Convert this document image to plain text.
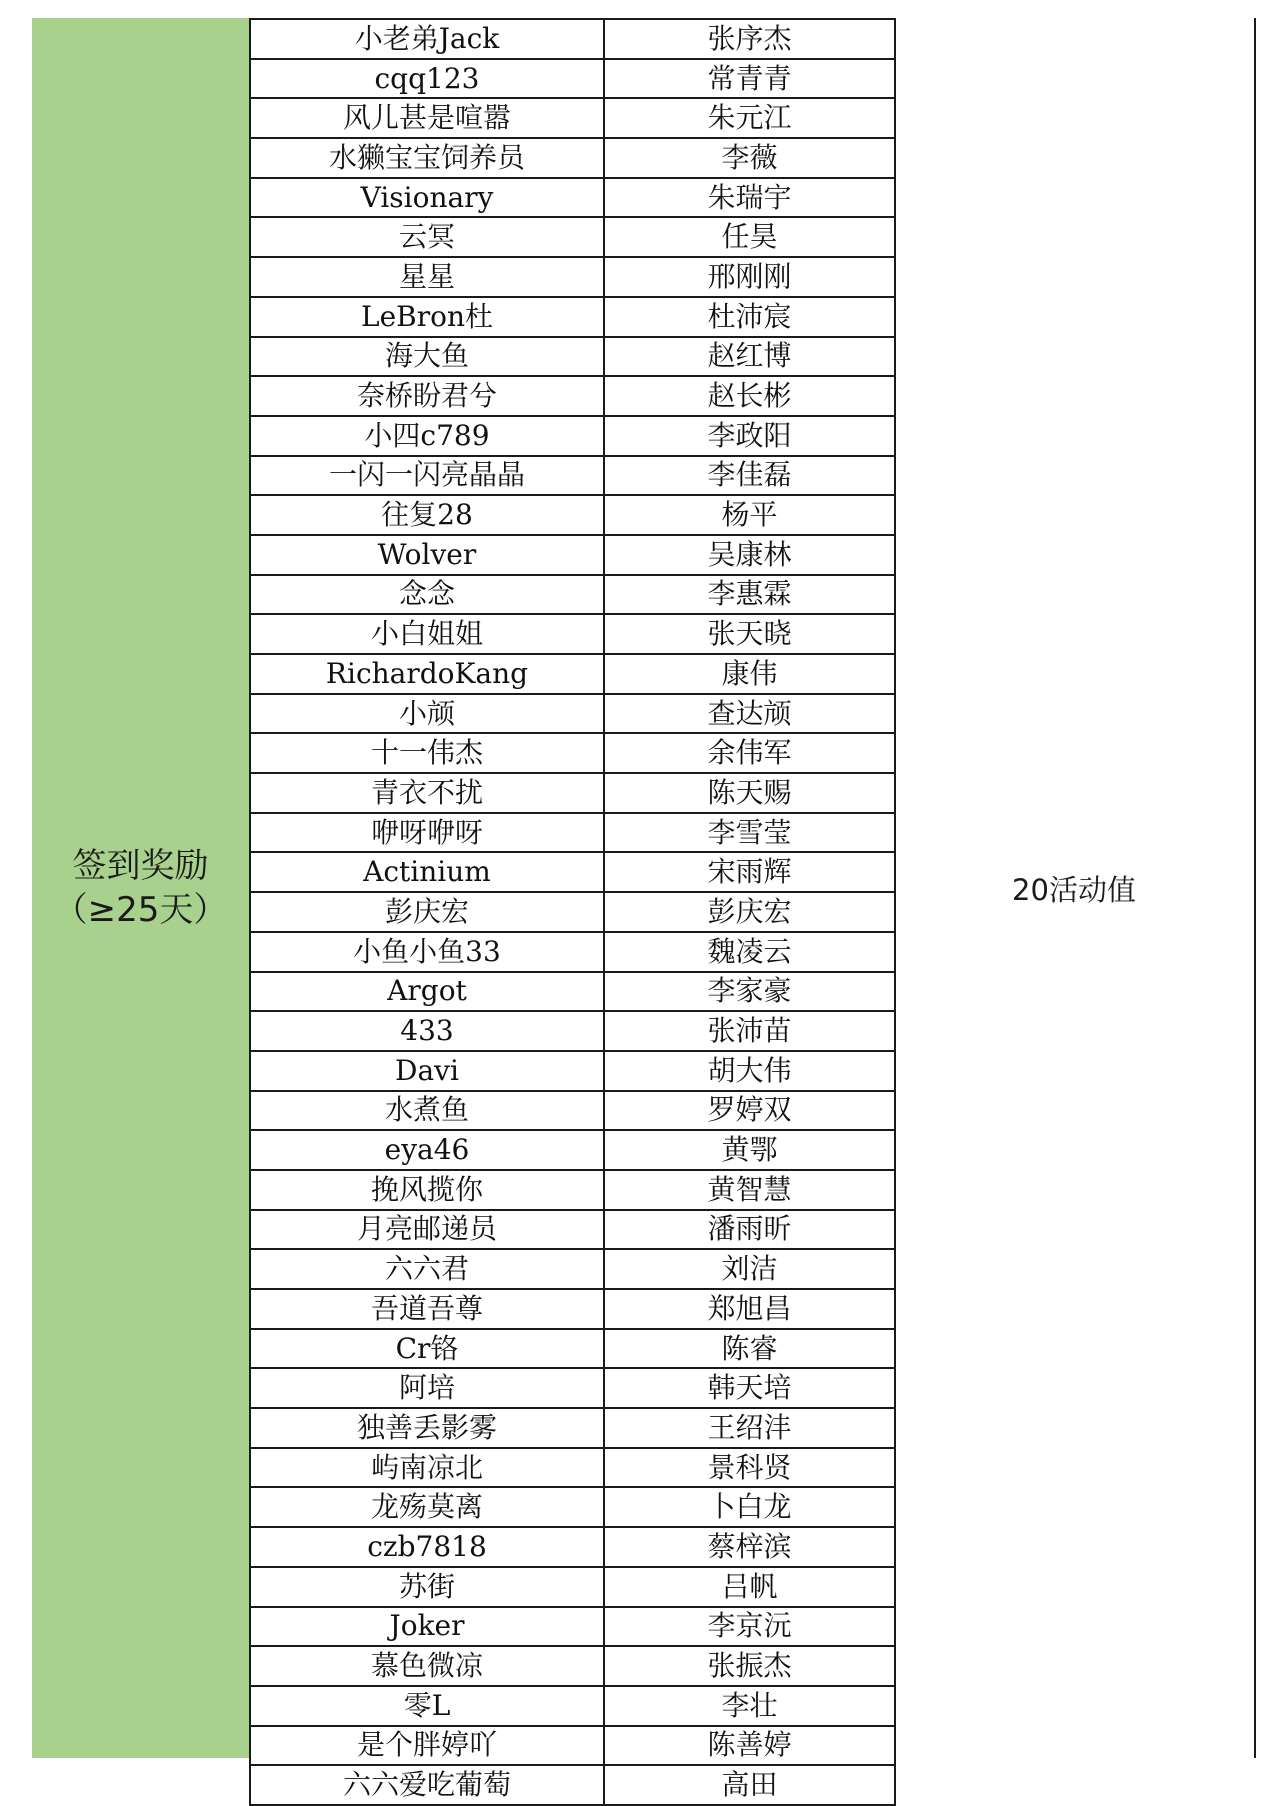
签到奖励
（≥25天）
小老弟Jack	张序杰
cqq123	常青青
风儿甚是喧嚣	朱元江
水獭宝宝饲养员	李薇
Visionary	朱瑞宇
云冥	任昊
星星	邢刚刚
LeBron杜	杜沛宸
海大鱼	赵红博
奈桥盼君兮	赵长彬
小四c789	李政阳
一闪一闪亮晶晶	李佳磊
往复28	杨平
Wolver	吴康林
念念	李惠霖
小白姐姐	张天晓
RichardoKang	康伟
小颃	查达颃
十一伟杰	余伟军
青衣不扰	陈天赐
咿呀咿呀	李雪莹
Actinium	宋雨辉
彭庆宏	彭庆宏
小鱼小鱼33	魏凌云
Argot	李家豪
433	张沛苗
Davi	胡大伟
水煮鱼	罗婷双
eya46	黄鄂
挽风揽你	黄智慧
月亮邮递员	潘雨昕
六六君	刘洁
吾道吾尊	郑旭昌
Cr铬	陈睿
阿培	韩天培
独善丢影雾	王绍沣
屿南凉北	景科贤
龙殇莫离	卜白龙
czb7818	蔡梓滨
苏街	吕帆
Joker	李京沅
慕色微凉	张振杰
零L	李壮
是个胖婷吖	陈善婷
六六爱吃葡萄	高田
20活动值
